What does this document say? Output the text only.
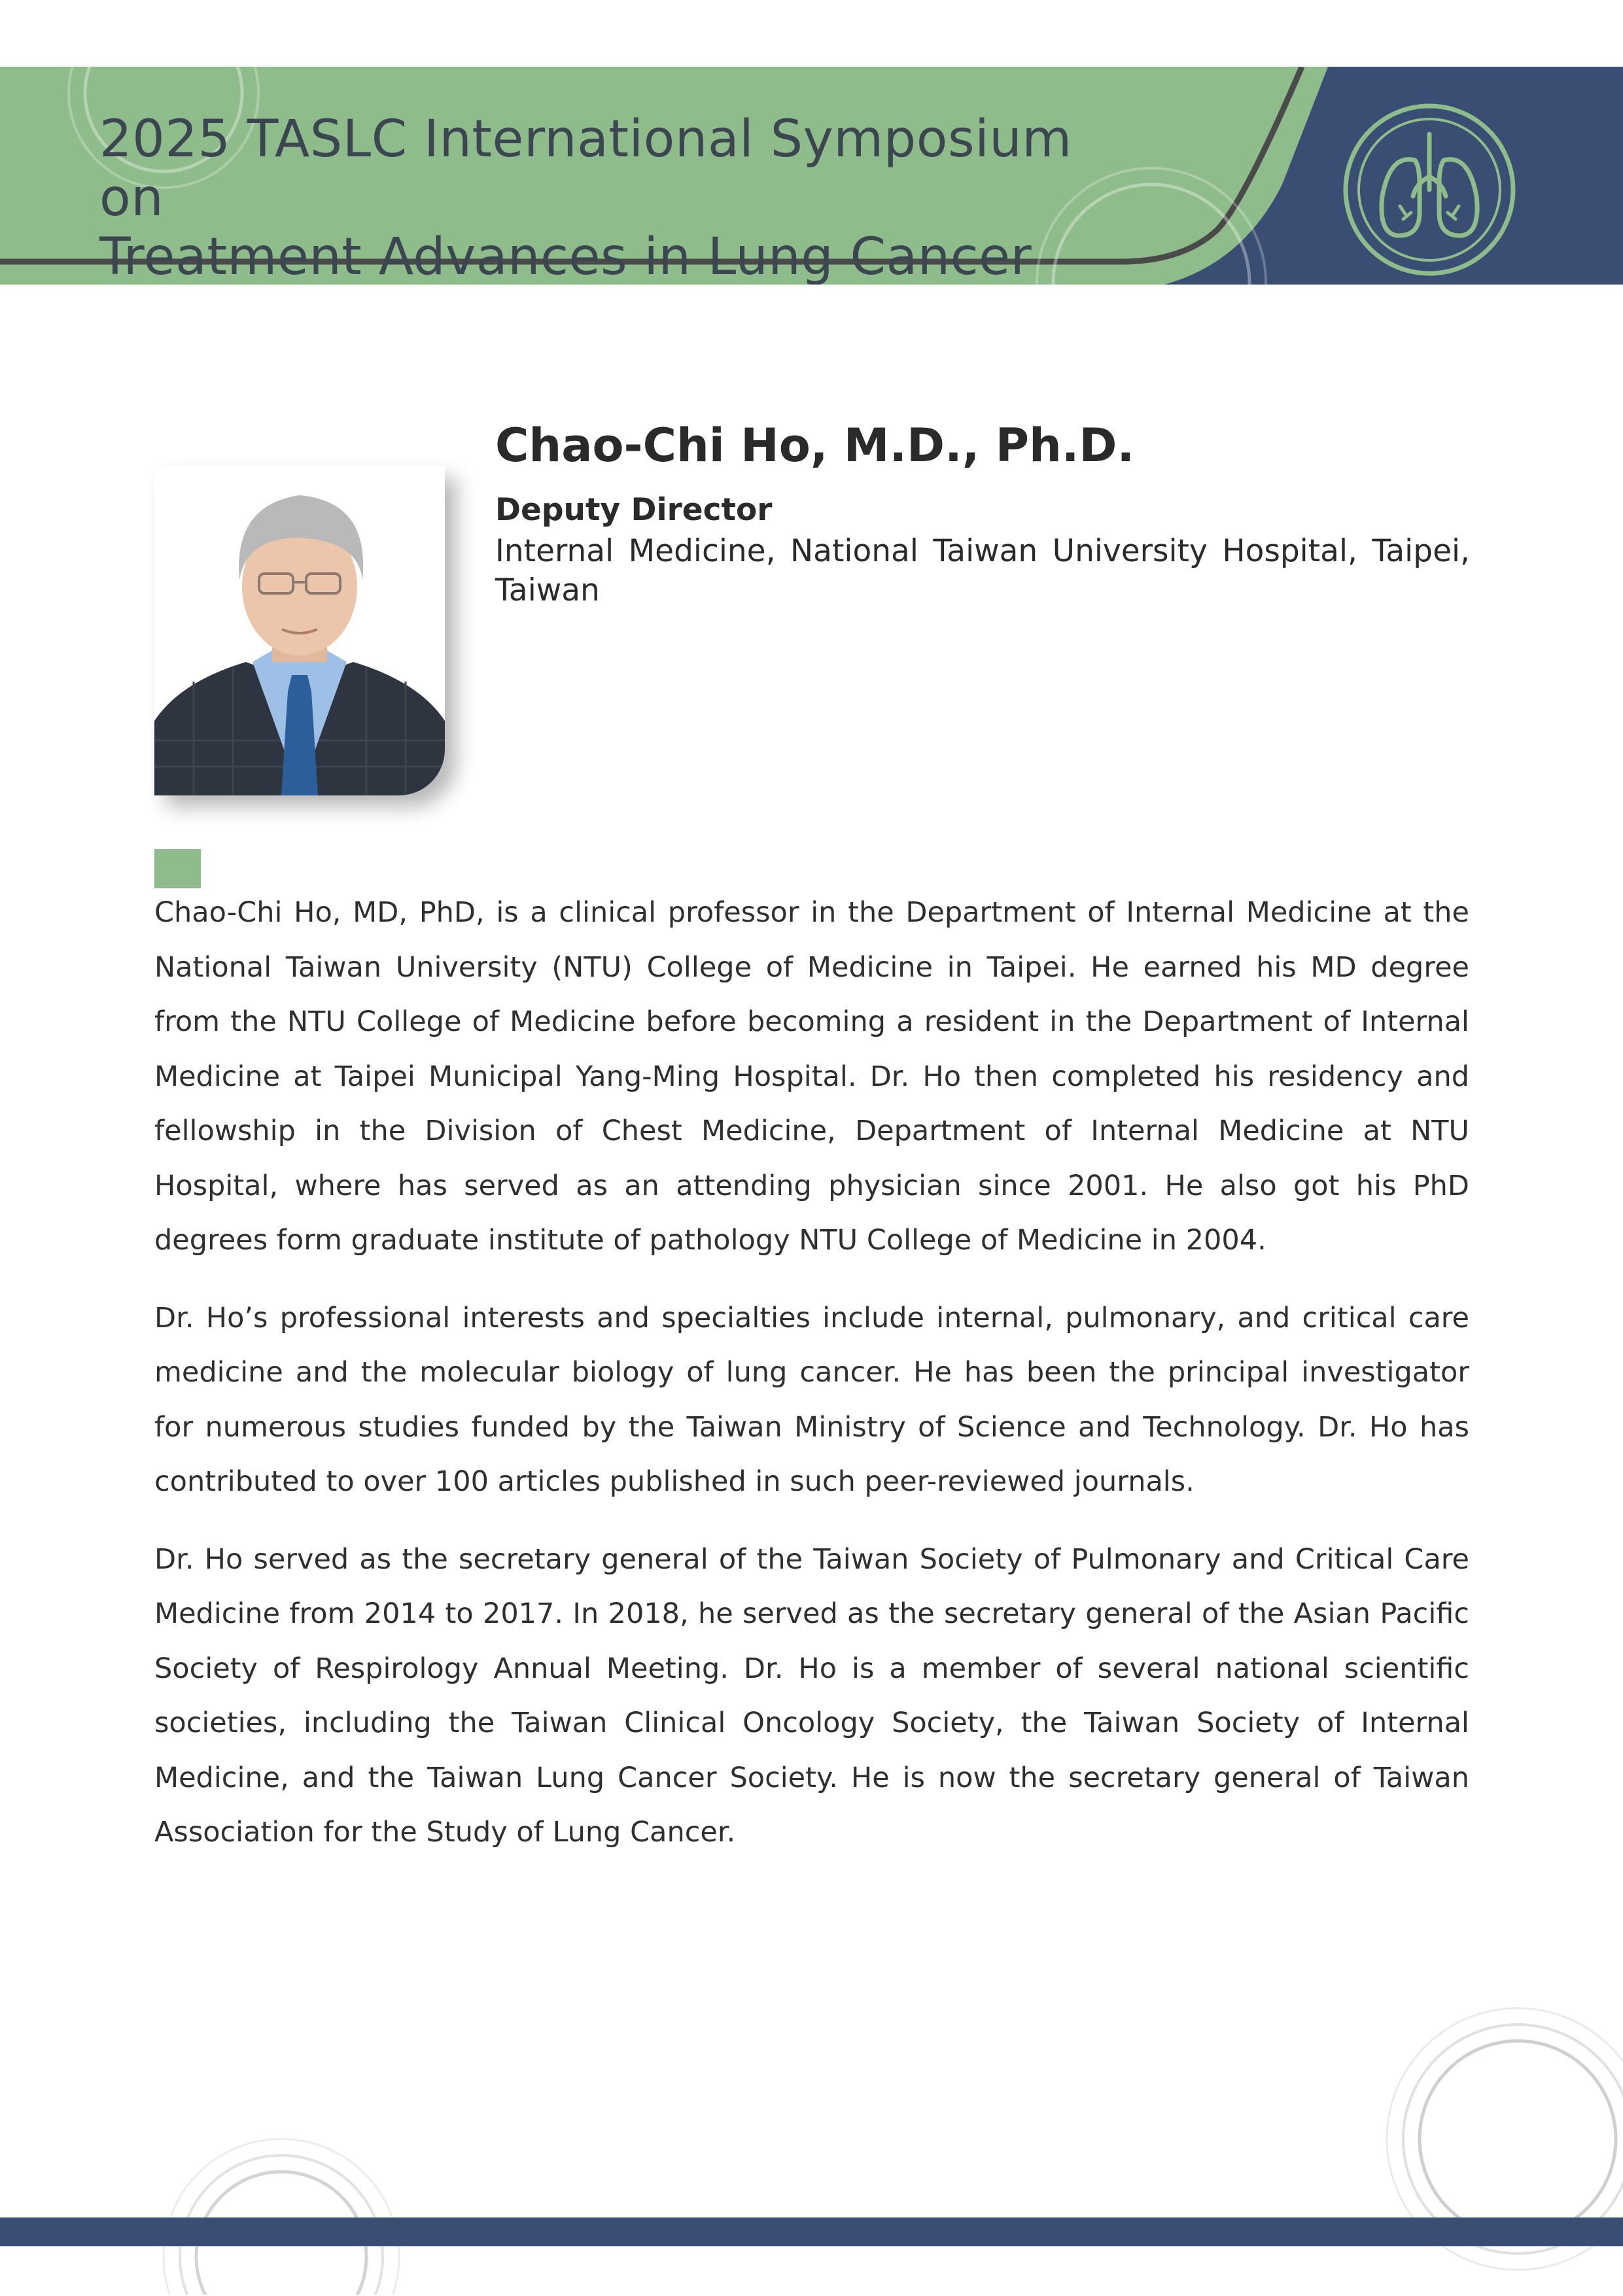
2025 TASLC International Symposium on
Treatment Advances in Lung Cancer
Chao-Chi Ho, M.D., Ph.D.
Deputy Director
Internal Medicine, National Taiwan University Hospital, Taipei, Taiwan

Chao-Chi Ho, MD, PhD, is a clinical professor in the Department of Internal Medicine at the National Taiwan University (NTU) College of Medicine in Taipei. He earned his MD degree from the NTU College of Medicine before becoming a resident in the Department of Internal Medicine at Taipei Municipal Yang-Ming Hospital. Dr. Ho then completed his residency and fellowship in the Division of Chest Medicine, Department of Internal Medicine at NTU Hospital, where has served as an attending physician since 2001. He also got his PhD degrees form graduate institute of pathology NTU College of Medicine in 2004.

Dr. Ho’s professional interests and specialties include internal, pulmonary, and critical care medicine and the molecular biology of lung cancer. He has been the principal investigator for numerous studies funded by the Taiwan Ministry of Science and Technology. Dr. Ho has contributed to over 100 articles published in such peer-reviewed journals.

Dr. Ho served as the secretary general of the Taiwan Society of Pulmonary and Critical Care Medicine from 2014 to 2017. In 2018, he served as the secretary general of the Asian Pacific Society of Respirology Annual Meeting. Dr. Ho is a member of several national scientific societies, including the Taiwan Clinical Oncology Society, the Taiwan Society of Internal Medicine, and the Taiwan Lung Cancer Society. He is now the secretary general of Taiwan Association for the Study of Lung Cancer.
